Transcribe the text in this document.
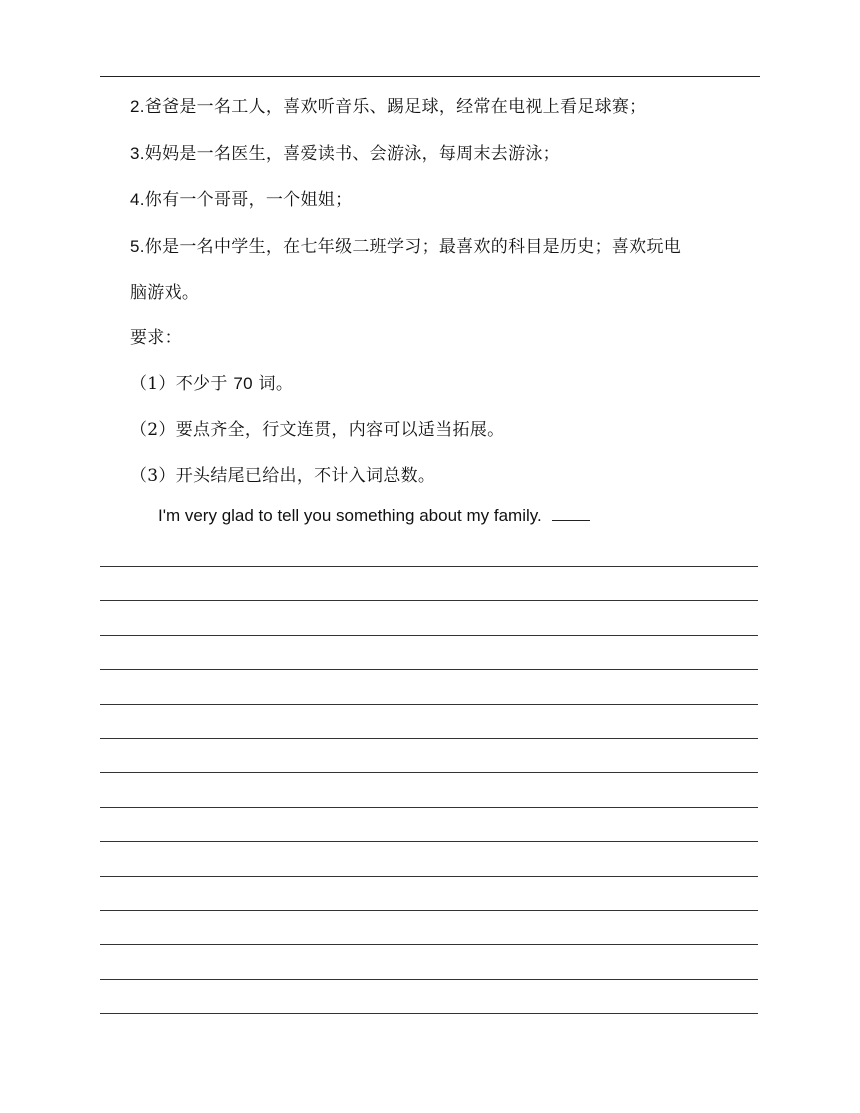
2.爸爸是一名工人，喜欢听音乐、踢足球，经常在电视上看足球赛；
3.妈妈是一名医生，喜爱读书、会游泳，每周末去游泳；
4.你有一个哥哥，一个姐姐；
5.你是一名中学生，在七年级二班学习；最喜欢的科目是历史；喜欢玩电
脑游戏。
要求：
（1）不少于 70 词。
（2）要点齐全，行文连贯，内容可以适当拓展。
（3）开头结尾已给出，不计入词总数。
I'm very glad to tell you something about my family.
